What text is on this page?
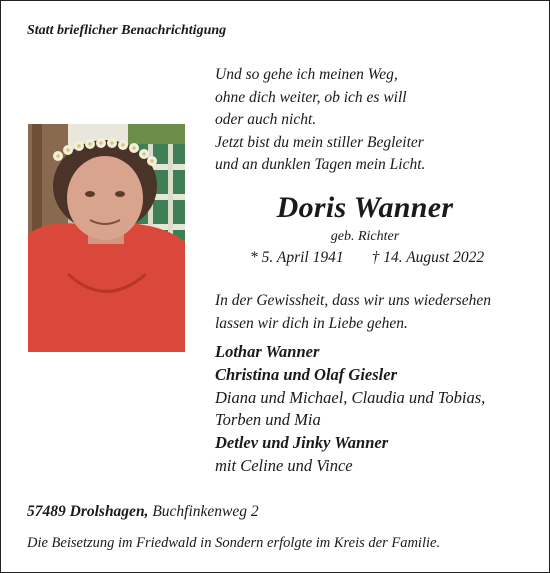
Statt brieflicher Benachrichtigung
Und so gehe ich meinen Weg,
ohne dich weiter, ob ich es will
oder auch nicht.
Jetzt bist du mein stiller Begleiter
und an dunklen Tagen mein Licht.
Doris Wanner
geb. Richter
* 5. April 1941 † 14. August 2022
In der Gewissheit, dass wir uns wiedersehen
lassen wir dich in Liebe gehen.
Lothar Wanner
Christina und Olaf Giesler
Diana und Michael, Claudia und Tobias,
Torben und Mia
Detlev und Jinky Wanner
mit Celine und Vince
57489 Drolshagen, Buchfinkenweg 2
Die Beisetzung im Friedwald in Sondern erfolgte im Kreis der Familie.
